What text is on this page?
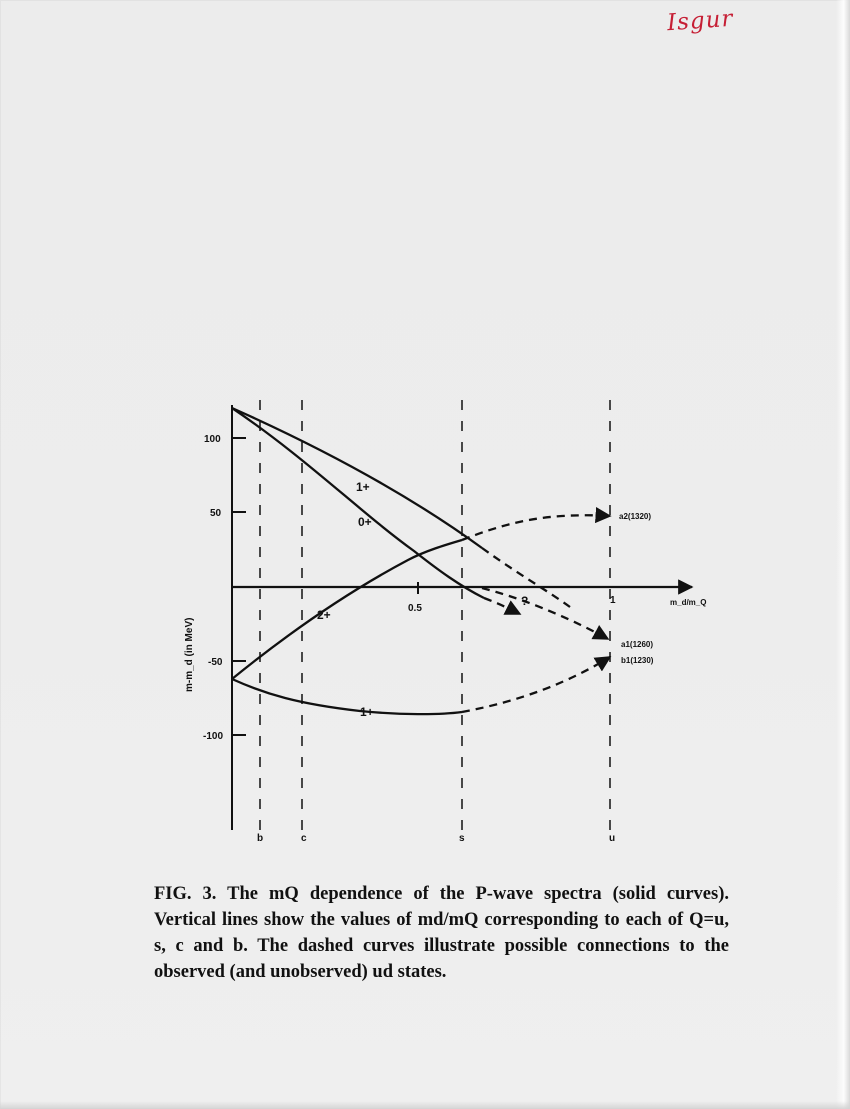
Isgur
100
50
-50
-100
0.5
1	m_d/m_Q
m-m_d (in MeV)
b	c	s	u
1+
0+
2+
1+
?
a2(1320)
a1(1260)
b1(1230)
FIG. 3. The mQ dependence of the P-wave spectra (solid curves). Vertical lines show the values of md/mQ corresponding to each of Q=u, s, c and b. The dashed curves illustrate possible connections to the observed (and unobserved) ud states.
